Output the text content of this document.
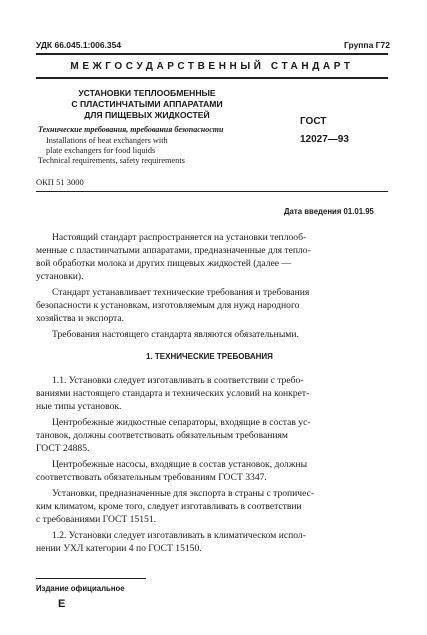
УДК 66.045.1:006.354	Группа Г72
МЕЖГОСУДАРСТВЕННЫЙ СТАНДАРТ
УСТАНОВКИ ТЕПЛООБМЕННЫЕ
С ПЛАСТИНЧАТЫМИ АППАРАТАМИ
ДЛЯ ПИЩЕВЫХ ЖИДКОСТЕЙ
Технические требования, требования безопасности
Installations of heat exchangers with
plate exchangers for food liquids
Technical requirements, safety requirements
ГОСТ
12027—93
ОКП 51 3000
Дата введения 01.01.95
Настоящий стандарт распространяется на установки теплооб-
менные с пластинчатыми аппаратами, предназначенные для тепло-
вой обработки молока и других пищевых жидкостей (далее —
установки).
Стандарт устанавливает технические требования и требования
безопасности к установкам, изготовляемым для нужд народного
хозяйства и экспорта.
Требования настоящего стандарта являются обязательными.
1. ТЕХНИЧЕСКИЕ ТРЕБОВАНИЯ
1.1. Установки следует изготавливать в соответствии с требо-
ваниями настоящего стандарта и технических условий на конкрет-
ные типы установок.
Центробежные жидкостные сепараторы, входящие в состав ус-
тановок, должны соответствовать обязательным требованиям
ГОСТ 24885.
Центробежные насосы, входящие в состав установок, должны
соответствовать обязательным требованиям ГОСТ 3347.
Установки, предназначенные для экспорта в страны с тропичес-
ким климатом, кроме того, следует изготавливать в соответствии
с требованиями ГОСТ 15151.
1.2. Установки следует изготавливать в климатическом испол-
нении УХЛ категории 4 по ГОСТ 15150.
Издание официальное
E
